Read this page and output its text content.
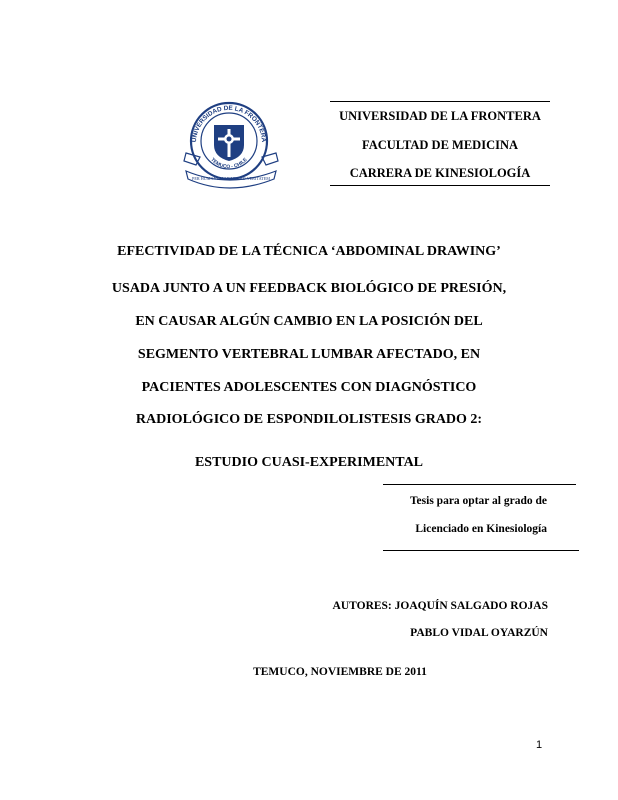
UNIVERSIDAD DE LA FRONTERA
TEMUCO - CHILE
PER HUMANUM MENTE AD VERITATEM
UNIVERSIDAD DE LA FRONTERA
FACULTAD DE MEDICINA
CARRERA DE KINESIOLOGÍA
EFECTIVIDAD DE LA TÉCNICA ‘ABDOMINAL DRAWING’
USADA JUNTO A UN FEEDBACK BIOLÓGICO DE PRESIÓN,
EN CAUSAR ALGÚN CAMBIO EN LA POSICIÓN DEL
SEGMENTO VERTEBRAL LUMBAR AFECTADO, EN
PACIENTES ADOLESCENTES CON DIAGNÓSTICO
RADIOLÓGICO DE ESPONDILOLISTESIS GRADO 2:
ESTUDIO CUASI-EXPERIMENTAL
Tesis para optar al grado de
Licenciado en Kinesiología
AUTORES: JOAQUÍN SALGADO ROJAS
PABLO VIDAL OYARZÚN
TEMUCO, NOVIEMBRE DE 2011
1
